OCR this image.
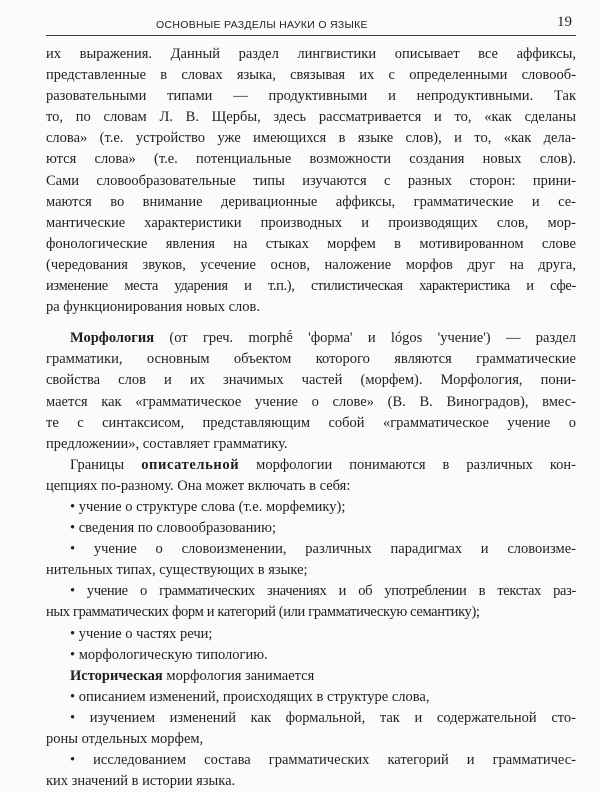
ОСНОВНЫЕ РАЗДЕЛЫ НАУКИ О ЯЗЫКЕ	19

их выражения. Данный раздел лингвистики описывает все аффиксы,
представленные в словах языка, связывая их с определенными словооб-
разовательными типами — продуктивными и непродуктивными. Так
то, по словам Л. В. Щербы, здесь рассматривается и то, «как сделаны
слова» (т.е. устройство уже имеющихся в языке слов), и то, «как дела-
ются слова» (т.е. потенциальные возможности создания новых слов).
Сами словообразовательные типы изучаются с разных сторон: прини-
маются во внимание деривационные аффиксы, грамматические и се-
мантические характеристики производных и производящих слов, мор-
фонологические явления на стыках морфем в мотивированном слове
(чередования звуков, усечение основ, наложение морфов друг на друга,
изменение места ударения и т.п.), стилистическая характеристика и сфе-
ра функционирования новых слов.

Морфология (от греч. morphḗ 'форма' и lógos 'учение') — раздел
грамматики, основным объектом которого являются грамматические
свойства слов и их значимых частей (морфем). Морфология, пони-
мается как «грамматическое учение о слове» (В. В. Виноградов), вмес-
те с синтаксисом, представляющим собой «грамматическое учение о
предложении», составляет грамматику.

Границы описательной морфологии понимаются в различных кон-
цепциях по-разному. Она может включать в себя:

• учение о структуре слова (т.е. морфемику);
• сведения по словообразованию;
• учение о словоизменении, различных парадигмах и словоизме-
нительных типах, существующих в языке;
• учение о грамматических значениях и об употреблении в текстах раз-
ных грамматических форм и категорий (или грамматическую семантику);
• учение о частях речи;
• морфологическую типологию.

Историческая морфология занимается

• описанием изменений, происходящих в структуре слова,
• изучением изменений как формальной, так и содержательной сто-
роны отдельных морфем,
• исследованием состава грамматических категорий и грамматичес-
ких значений в истории языка.
